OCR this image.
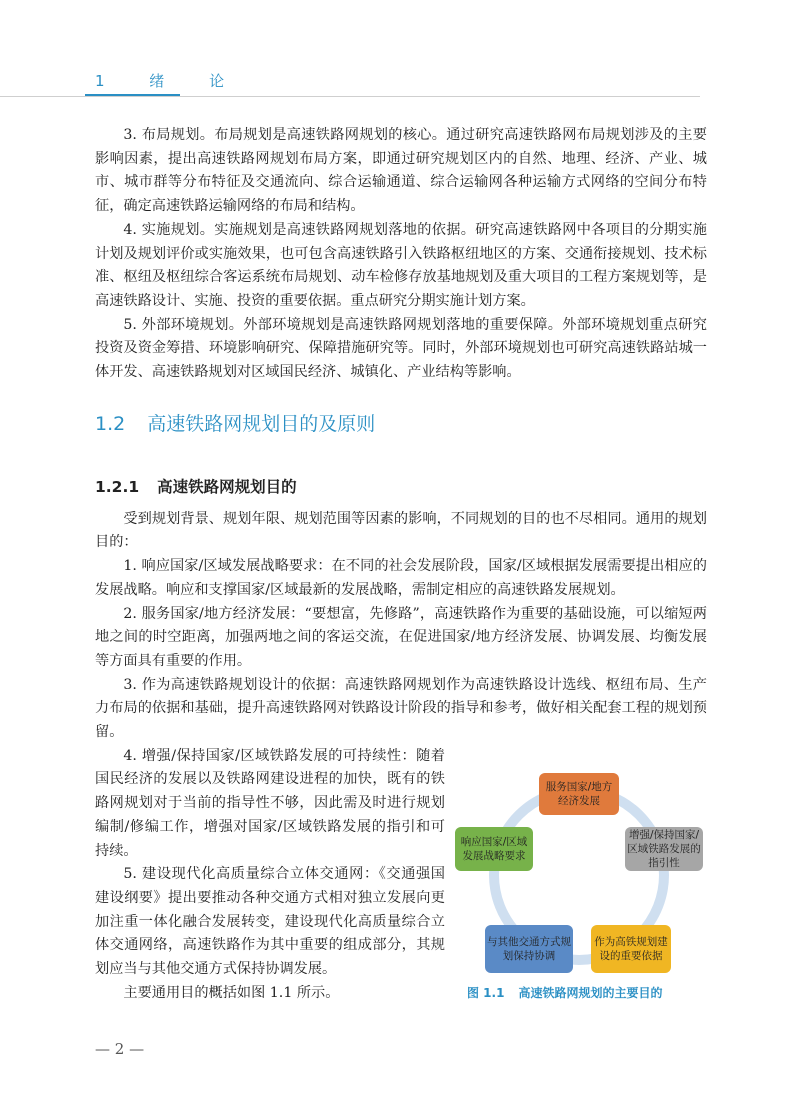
1 绪 论

3. 布局规划。布局规划是高速铁路网规划的核心。通过研究高速铁路网布局规划涉及的主要影响因素，提出高速铁路网规划布局方案，即通过研究规划区内的自然、地理、经济、产业、城市、城市群等分布特征及交通流向、综合运输通道、综合运输网各种运输方式网络的空间分布特征，确定高速铁路运输网络的布局和结构。

4. 实施规划。实施规划是高速铁路网规划落地的依据。研究高速铁路网中各项目的分期实施计划及规划评价或实施效果，也可包含高速铁路引入铁路枢纽地区的方案、交通衔接规划、技术标准、枢纽及枢纽综合客运系统布局规划、动车检修存放基地规划及重大项目的工程方案规划等，是高速铁路设计、实施、投资的重要依据。重点研究分期实施计划方案。

5. 外部环境规划。外部环境规划是高速铁路网规划落地的重要保障。外部环境规划重点研究投资及资金筹措、环境影响研究、保障措施研究等。同时，外部环境规划也可研究高速铁路站城一体开发、高速铁路规划对区域国民经济、城镇化、产业结构等影响。

1.2 高速铁路网规划目的及原则
1.2.1 高速铁路网规划目的

受到规划背景、规划年限、规划范围等因素的影响，不同规划的目的也不尽相同。通用的规划目的：

1. 响应国家/区域发展战略要求：在不同的社会发展阶段，国家/区域根据发展需要提出相应的发展战略。响应和支撑国家/区域最新的发展战略，需制定相应的高速铁路发展规划。

2. 服务国家/地方经济发展：“要想富，先修路”，高速铁路作为重要的基础设施，可以缩短两地之间的时空距离，加强两地之间的客运交流，在促进国家/地方经济发展、协调发展、均衡发展等方面具有重要的作用。

3. 作为高速铁路规划设计的依据：高速铁路网规划作为高速铁路设计选线、枢纽布局、生产力布局的依据和基础，提升高速铁路网对铁路设计阶段的指导和参考，做好相关配套工程的规划预留。

4. 增强/保持国家/区域铁路发展的可持续性：随着国民经济的发展以及铁路网建设进程的加快，既有的铁路网规划对于当前的指导性不够，因此需及时进行规划编制/修编工作，增强对国家/区域铁路发展的指引和可持续。

5. 建设现代化高质量综合立体交通网：《交通强国建设纲要》提出要推动各种交通方式相对独立发展向更加注重一体化融合发展转变，建设现代化高质量综合立体交通网络，高速铁路作为其中重要的组成部分，其规划应当与其他交通方式保持协调发展。

主要通用目的概括如图 1.1 所示。

服务国家/地方经济发展
增强/保持国家/区域铁路发展的指引性
作为高铁规划建设的重要依据
与其他交通方式规划保持协调
响应国家/区域发展战略要求
图 1.1 高速铁路网规划的主要目的
— 2 —
